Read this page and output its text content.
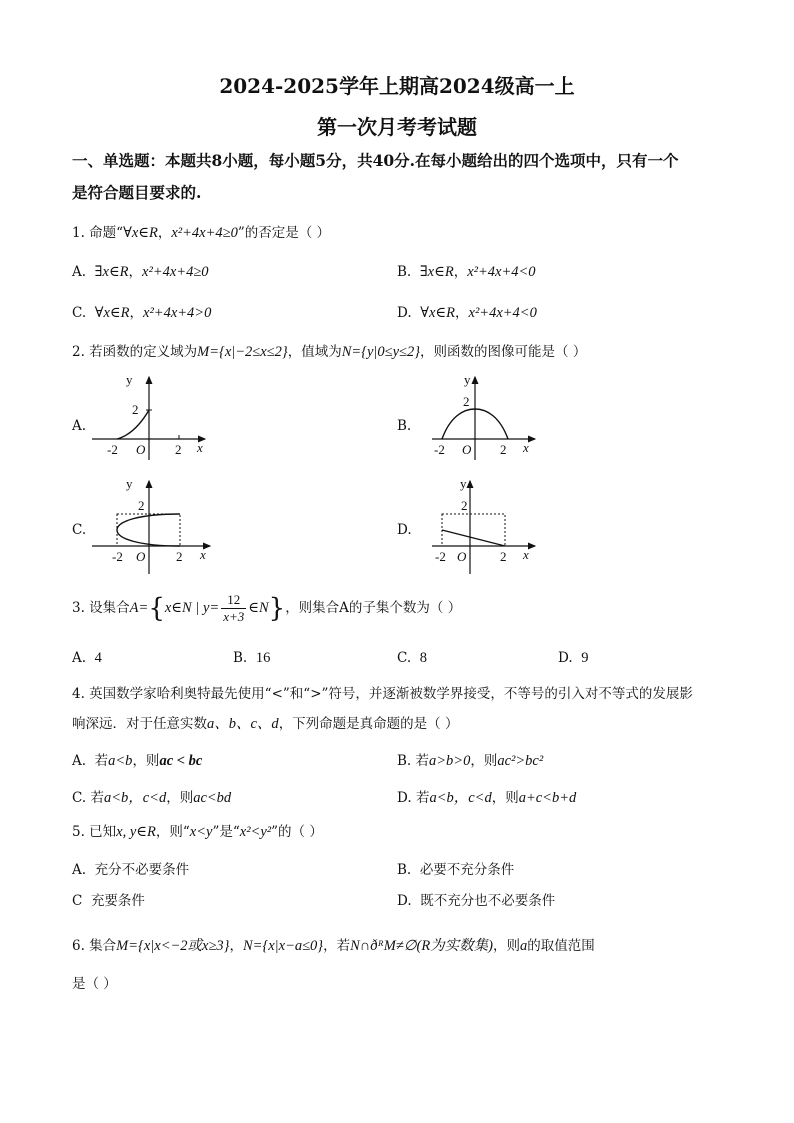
2024-2025学年上期高2024级高一上
第一次月考考试题
一、单选题：本题共8小题，每小题5分，共40分.在每小题给出的四个选项中，只有一个
是符合题目要求的.
1. 命题“∀x∈R，x²+4x+4≥0”的否定是（ ）
A. ∃x∈R，x²+4x+4≥0	B. ∃x∈R，x²+4x+4<0
C. ∀x∈R，x²+4x+4>0	D. ∀x∈R，x²+4x+4<0
2. 若函数的定义域为M={x|−2≤x≤2}，值域为N={y|0≤y≤2}，则函数的图像可能是（ ）
A.	B.
C.	D.
y
2
-2 O 2 x
y
2
-2 O 2 x
y
2
-2 O 2 x
y
2
-2 O	2 x
3. 设集合A={x∈N | $y= \frac{12}{x+3}$ ∈N}，则集合A的子集个数为（ ）
A. 4	B. 16	C. 8	D. 9
4. 英国数学家哈利奥特最先使用“<”和“>”符号，并逐渐被数学界接受，不等号的引入对不等式的发展影
响深远．对于任意实数a、b、c、d，下列命题是真命题的是（ ）
A. 若a<b，则ac < bc	B. 若a>b>0，则ac²>bc²
C. 若a<b，c<d，则ac<bd	D. 若a<b，c<d，则a+c<b+d
5. 已知x, y∈R，则“x<y”是“x²<y²”的（ ）
A. 充分不必要条件	B. 必要不充分条件
C 充要条件	D. 既不充分也不必要条件
6. 集合M={x|x<−2或x≥3}，N={x|x−a≤0}，若N∩ðᴿM≠∅(R为实数集)，则a的取值范围
是（ ）
